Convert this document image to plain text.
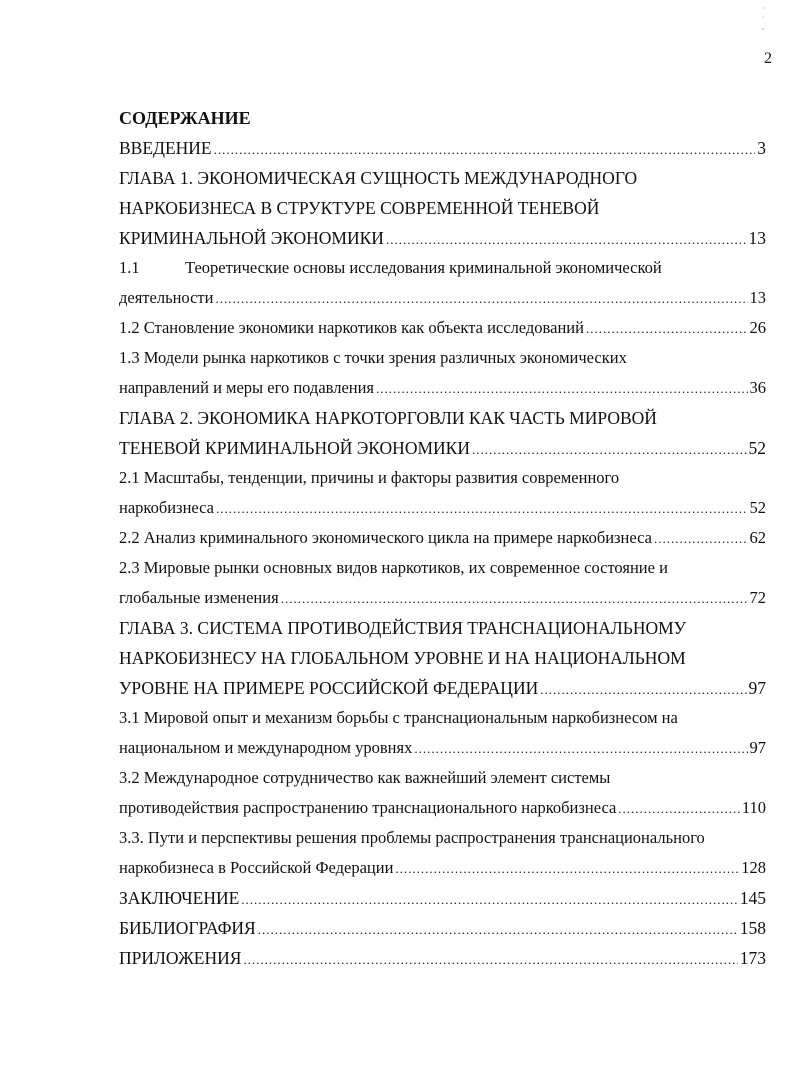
2
·
·
,
СОДЕРЖАНИЕ
ВВЕДЕНИЕ .....	3
ГЛАВА 1. ЭКОНОМИЧЕСКАЯ СУЩНОСТЬ МЕЖДУНАРОДНОГО
НАРКОБИЗНЕСА В СТРУКТУРЕ СОВРЕМЕННОЙ ТЕНЕВОЙ
КРИМИНАЛЬНОЙ ЭКОНОМИКИ .....	13
1.1	Теоретические основы исследования криминальной экономической
деятельности .....	13
1.2 Становление экономики наркотиков как объекта исследований .....	26
1.3 Модели рынка наркотиков с точки зрения различных экономических
направлений и меры его подавления .....	36
ГЛАВА 2. ЭКОНОМИКА НАРКОТОРГОВЛИ КАК ЧАСТЬ МИРОВОЙ
ТЕНЕВОЙ КРИМИНАЛЬНОЙ ЭКОНОМИКИ .....	52
2.1 Масштабы, тенденции, причины и факторы развития современного
наркобизнеса .....	52
2.2 Анализ криминального экономического цикла на примере наркобизнеса .....	62
2.3 Мировые рынки основных видов наркотиков, их современное состояние и
глобальные изменения .....	72
ГЛАВА 3. СИСТЕМА ПРОТИВОДЕЙСТВИЯ ТРАНСНАЦИОНАЛЬНОМУ
НАРКОБИЗНЕСУ НА ГЛОБАЛЬНОМ УРОВНЕ И НА НАЦИОНАЛЬНОМ
УРОВНЕ НА ПРИМЕРЕ РОССИЙСКОЙ ФЕДЕРАЦИИ .....	97
3.1 Мировой опыт и механизм борьбы с транснациональным наркобизнесом на
национальном и международном уровнях .....	97
3.2 Международное сотрудничество как важнейший элемент системы
противодействия распространению транснационального наркобизнеса .....	110
3.3. Пути и перспективы решения проблемы распространения транснационального
наркобизнеса в Российской Федерации .....	128
ЗАКЛЮЧЕНИЕ .....	145
БИБЛИОГРАФИЯ .....	158
ПРИЛОЖЕНИЯ .....	173
